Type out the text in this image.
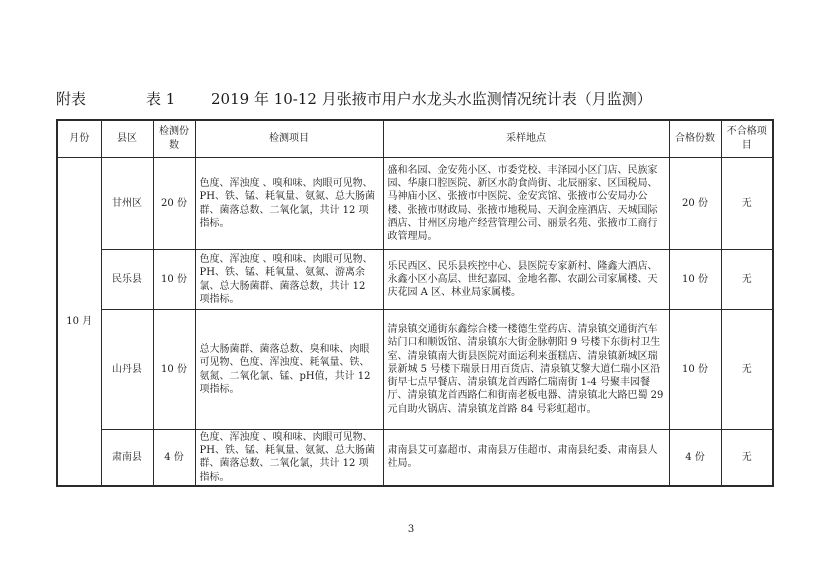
附表	表 1 2019 年 10-12 月张掖市用户水龙头水监测情况统计表（月监测）
月份	县区	检测份数	检测项目	采样地点	合格份数	不合格项目
10 月	甘州区	20 份	色度、浑浊度 、嗅和味、肉眼可见物、PH、铁、锰、耗氧量、氨氮、总大肠菌群、菌落总数、二氧化氯，共计 12 项指标。	盛和名园、金安苑小区、市委党校、丰泽园小区门店、民族家园、华康口腔医院、新区水韵食尚街、北辰丽家、区国税局、马神庙小区、张掖市中医院、金安宾馆、张掖市公安局办公楼、张掖市财政局、张掖市地税局、天润金座酒店、天城国际酒店、甘州区房地产经营管理公司、丽景名苑、张掖市工商行政管理局。	20 份	无
	民乐县	10 份	色度、浑浊度 、嗅和味、肉眼可见物、PH、铁、锰、耗氧量、氨氮、游离余氯、总大肠菌群、菌落总数，共计 12 项指标。	乐民西区、民乐县疾控中心、县医院专家新村、隆鑫大酒店、永鑫小区小高层、世纪嘉园、金地名都、农副公司家属楼、天庆花园 A 区、林业局家属楼。	10 份	无
	山丹县	10 份	总大肠菌群、菌落总数、臭和味、肉眼可见物、色度、浑浊度、耗氧量、铁、氨氮、二氧化氯、锰、pH值，共计 12 项指标。	清泉镇交通街东鑫综合楼一楼德生堂药店、清泉镇交通街汽车站门口和顺饭馆、清泉镇东大街金脉朝阳 9 号楼下东街村卫生室、清泉镇南大街县医院对面运利来蛋糕店、清泉镇新城区瑞景新城 5 号楼下瑞景日用百货店、清泉镇艾黎大道仁瑞小区沿街早七点早餐店、清泉镇龙首西路仁瑞南街 1-4 号聚丰园餐厅、清泉镇龙首西路仁和街南老板电器、清泉镇北大路巴蜀 29 元自助火锅店、清泉镇龙首路 84 号彩虹超市。	10 份	无
	肃南县	4 份	色度、浑浊度 、嗅和味、肉眼可见物、PH、铁、锰、耗氧量、氨氮、总大肠菌群、菌落总数、二氧化氯，共计 12 项指标。	肃南县艾可嘉超市、肃南县万佳超市、肃南县纪委、肃南县人社局。	4 份	无
3
